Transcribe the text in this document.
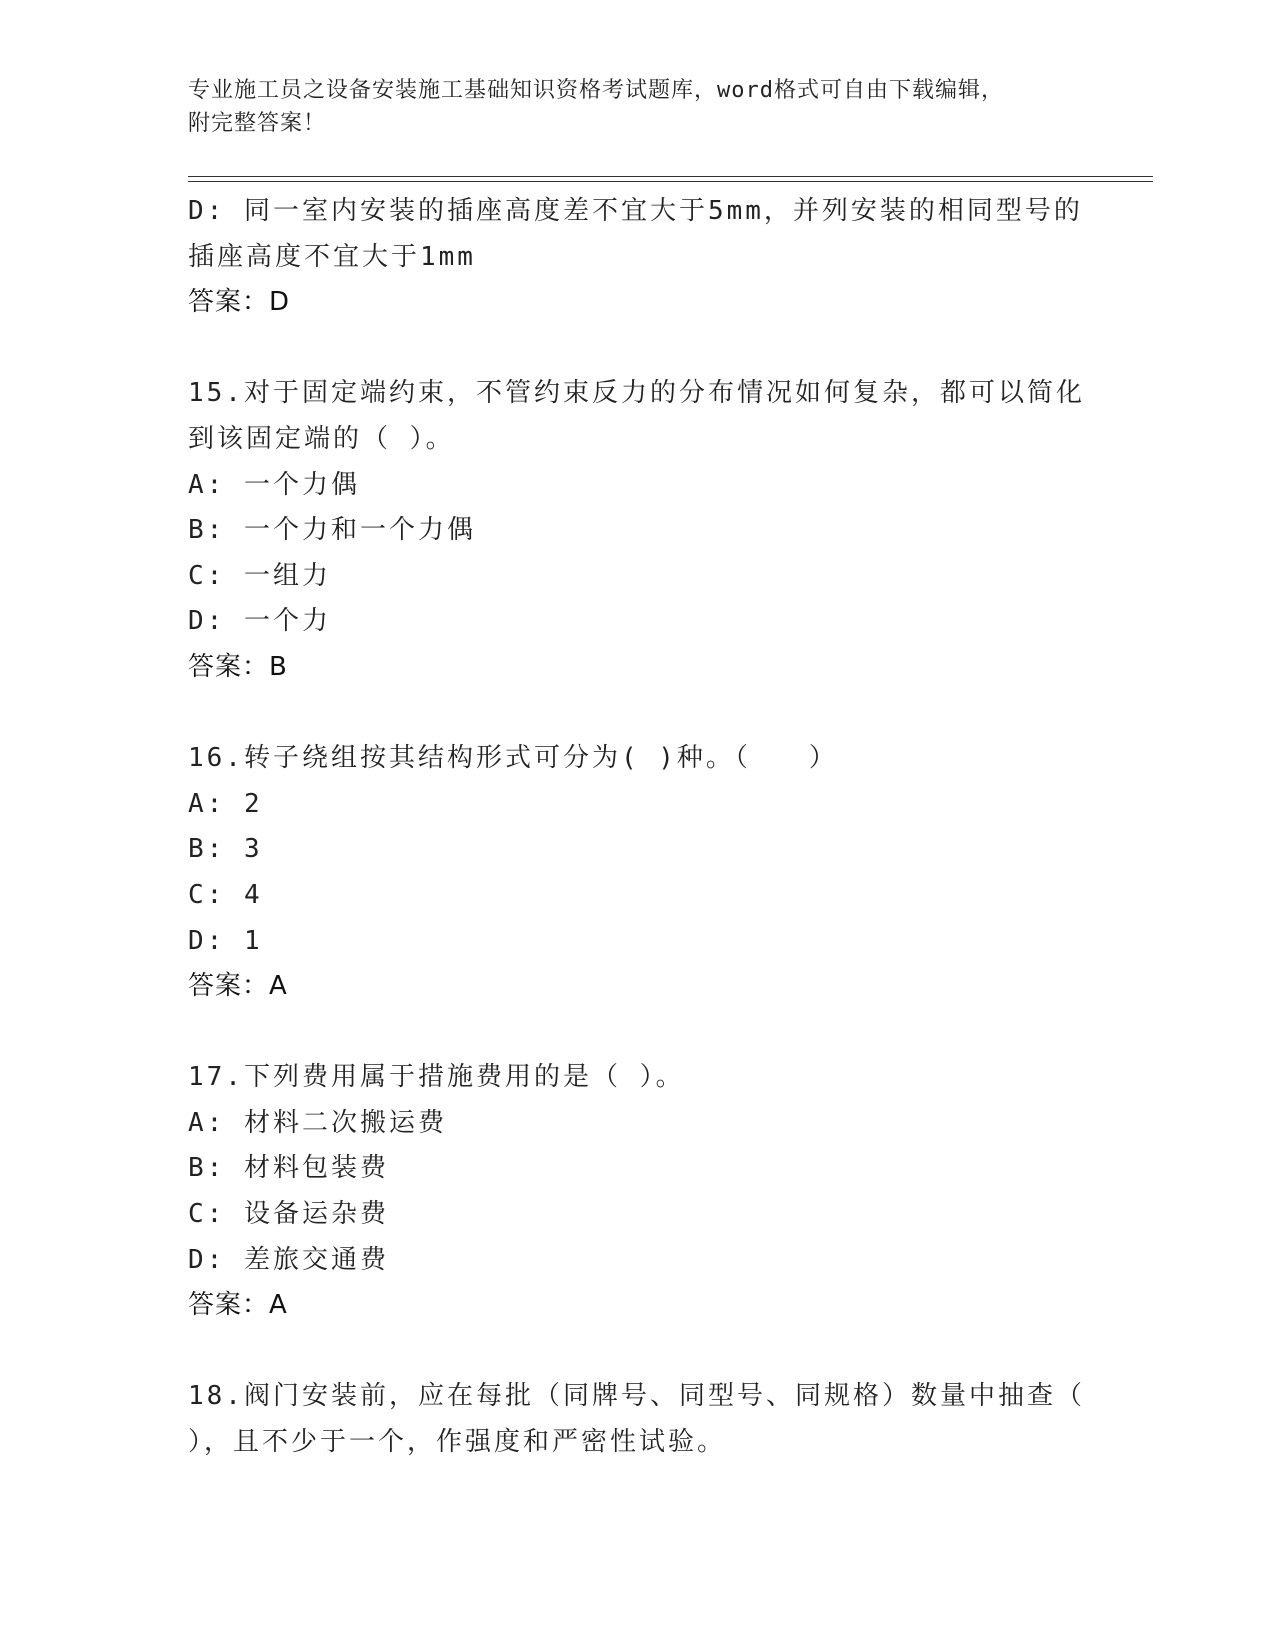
专业施工员之设备安装施工基础知识资格考试题库，word格式可自由下载编辑，
附完整答案！
D: 同一室内安装的插座高度差不宜大于5mm，并列安装的相同型号的
插座高度不宜大于1mm
答案：D
15.对于固定端约束，不管约束反力的分布情况如何复杂，都可以简化
到该固定端的（ ）。
A: 一个力偶
B: 一个力和一个力偶
C: 一组力
D: 一个力
答案：B
16.转子绕组按其结构形式可分为( )种。（　　）
A: 2
B: 3
C: 4
D: 1
答案：A
17.下列费用属于措施费用的是（ ）。
A: 材料二次搬运费
B: 材料包装费
C: 设备运杂费
D: 差旅交通费
答案：A
18.阀门安装前，应在每批（同牌号、同型号、同规格）数量中抽查（
），且不少于一个，作强度和严密性试验。
